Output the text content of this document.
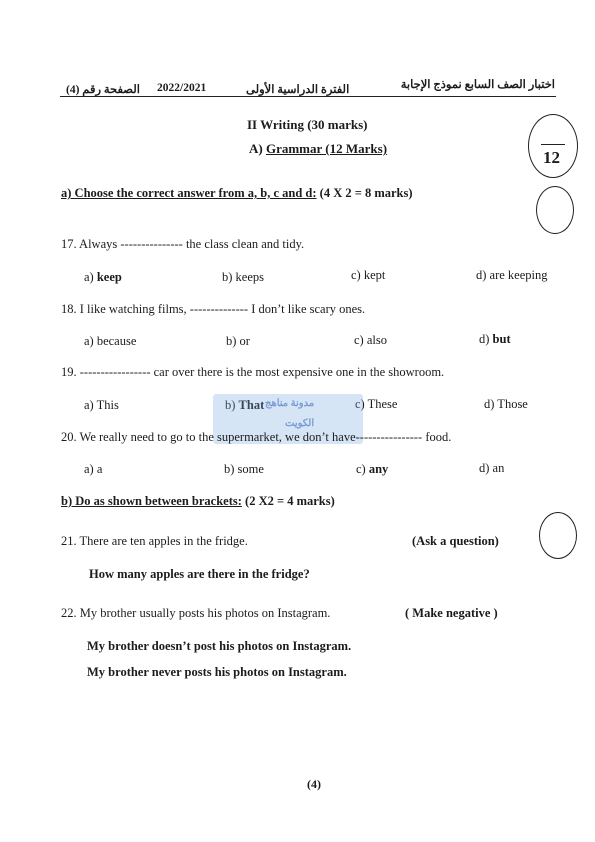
اختبار الصف السابع نموذج الإجابة
الفترة الدراسية الأولى
2022/2021
الصفحة رقم (4)
II Writing (30 marks)
A) Grammar (12 Marks)	12
a) Choose the correct answer from a, b, c and d: (4 X 2 = 8 marks)
17. Always --------------- the class clean and tidy.
a) keep	b) keeps	c) kept	d) are keeping
18. I like watching films, -------------- I don’t like scary ones.
a) because	b) or	c) also	d) but
19. ----------------- car over there is the most expensive one in the showroom.
a) This	b) That	c) These	d) Those
مدونة مناهج
الكويت
20. We really need to go to the supermarket, we don’t have---------------- food.
a) a	b) some	c) any	d) an
b) Do as shown between brackets: (2 X2 = 4 marks)
21. There are ten apples in the fridge.	(Ask a question)
How many apples are there in the fridge?
22. My brother usually posts his photos on Instagram.	( Make negative )
My brother doesn’t post his photos on Instagram.
My brother never posts his photos on Instagram.
(4)
